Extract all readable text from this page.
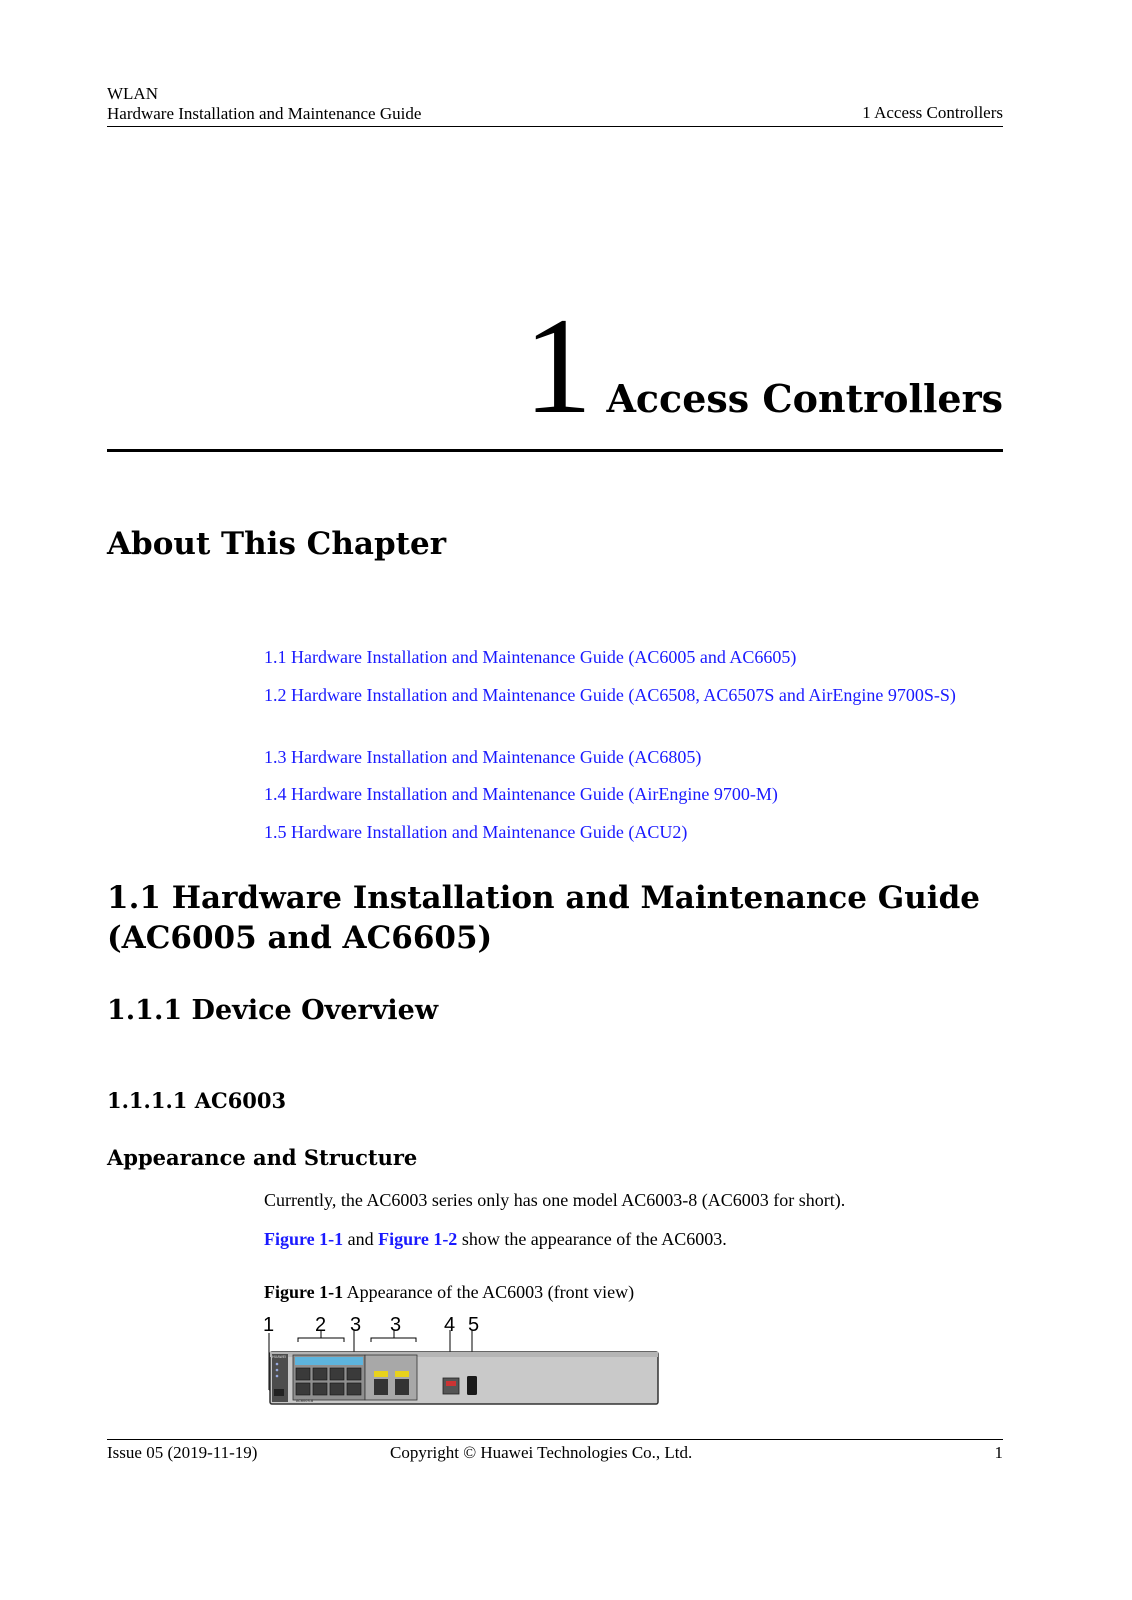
WLAN
Hardware Installation and Maintenance Guide	1 Access Controllers
1 Access Controllers
About This Chapter
1.1 Hardware Installation and Maintenance Guide (AC6005 and AC6605)
1.2 Hardware Installation and Maintenance Guide (AC6508, AC6507S and AirEngine 9700S-S)
1.3 Hardware Installation and Maintenance Guide (AC6805)
1.4 Hardware Installation and Maintenance Guide (AirEngine 9700-M)
1.5 Hardware Installation and Maintenance Guide (ACU2)
1.1 Hardware Installation and Maintenance Guide
(AC6005 and AC6605)
1.1.1 Device Overview
1.1.1.1 AC6003
Appearance and Structure
Currently, the AC6003 series only has one model AC6003-8 (AC6003 for short).
Figure 1-1 and Figure 1-2 show the appearance of the AC6003.
Figure 1-1 Appearance of the AC6003 (front view)
1 2 3 3 4 5
HUAWEI
AC6003-8
Issue 05 (2019-11-19)	Copyright © Huawei Technologies Co., Ltd.	1
